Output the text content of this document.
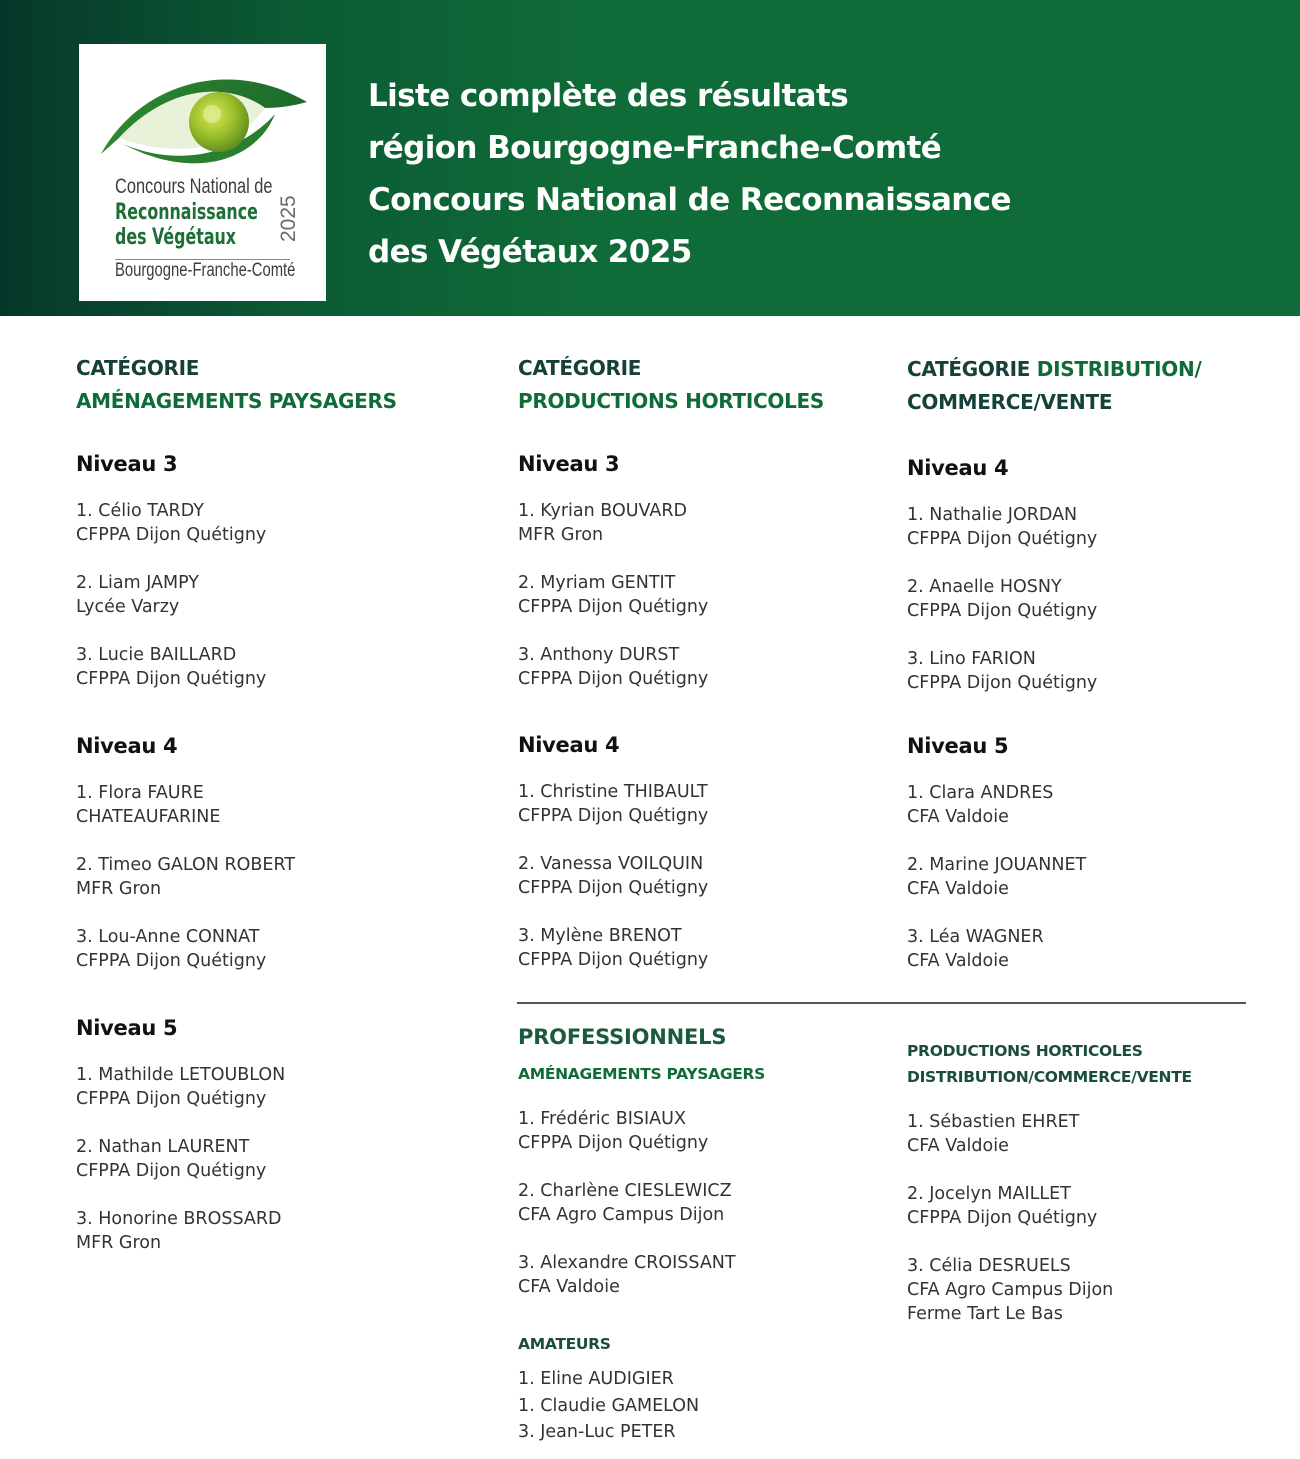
Concours National de
Reconnaissance
des Végétaux 2025
Bourgogne-Franche-Comté
Liste complète des résultats
région Bourgogne-Franche-Comté
Concours National de Reconnaissance
des Végétaux 2025
CATÉGORIE
AMÉNAGEMENTS PAYSAGERS
Niveau 3
1. Célio TARDY
CFPPA Dijon Quétigny
2. Liam JAMPY
Lycée Varzy
3. Lucie BAILLARD
CFPPA Dijon Quétigny
Niveau 4
1. Flora FAURE
CHATEAUFARINE
2. Timeo GALON ROBERT
MFR Gron
3. Lou-Anne CONNAT
CFPPA Dijon Quétigny
Niveau 5
1. Mathilde LETOUBLON
CFPPA Dijon Quétigny
2. Nathan LAURENT
CFPPA Dijon Quétigny
3. Honorine BROSSARD
MFR Gron
CATÉGORIE
PRODUCTIONS HORTICOLES
Niveau 3
1. Kyrian BOUVARD
MFR Gron
2. Myriam GENTIT
CFPPA Dijon Quétigny
3. Anthony DURST
CFPPA Dijon Quétigny
Niveau 4
1. Christine THIBAULT
CFPPA Dijon Quétigny
2. Vanessa VOILQUIN
CFPPA Dijon Quétigny
3. Mylène BRENOT
CFPPA Dijon Quétigny
CATÉGORIE DISTRIBUTION/
COMMERCE/VENTE
Niveau 4
1. Nathalie JORDAN
CFPPA Dijon Quétigny
2. Anaelle HOSNY
CFPPA Dijon Quétigny
3. Lino FARION
CFPPA Dijon Quétigny
Niveau 5
1. Clara ANDRES
CFA Valdoie
2. Marine JOUANNET
CFA Valdoie
3. Léa WAGNER
CFA Valdoie
PROFESSIONNELS
AMÉNAGEMENTS PAYSAGERS
1. Frédéric BISIAUX
CFPPA Dijon Quétigny
2. Charlène CIESLEWICZ
CFA Agro Campus Dijon
3. Alexandre CROISSANT
CFA Valdoie
PRODUCTIONS HORTICOLES
DISTRIBUTION/COMMERCE/VENTE
1. Sébastien EHRET
CFA Valdoie
2. Jocelyn MAILLET
CFPPA Dijon Quétigny
3. Célia DESRUELS
CFA Agro Campus Dijon
Ferme Tart Le Bas
AMATEURS
1. Eline AUDIGIER
1. Claudie GAMELON
3. Jean-Luc PETER
